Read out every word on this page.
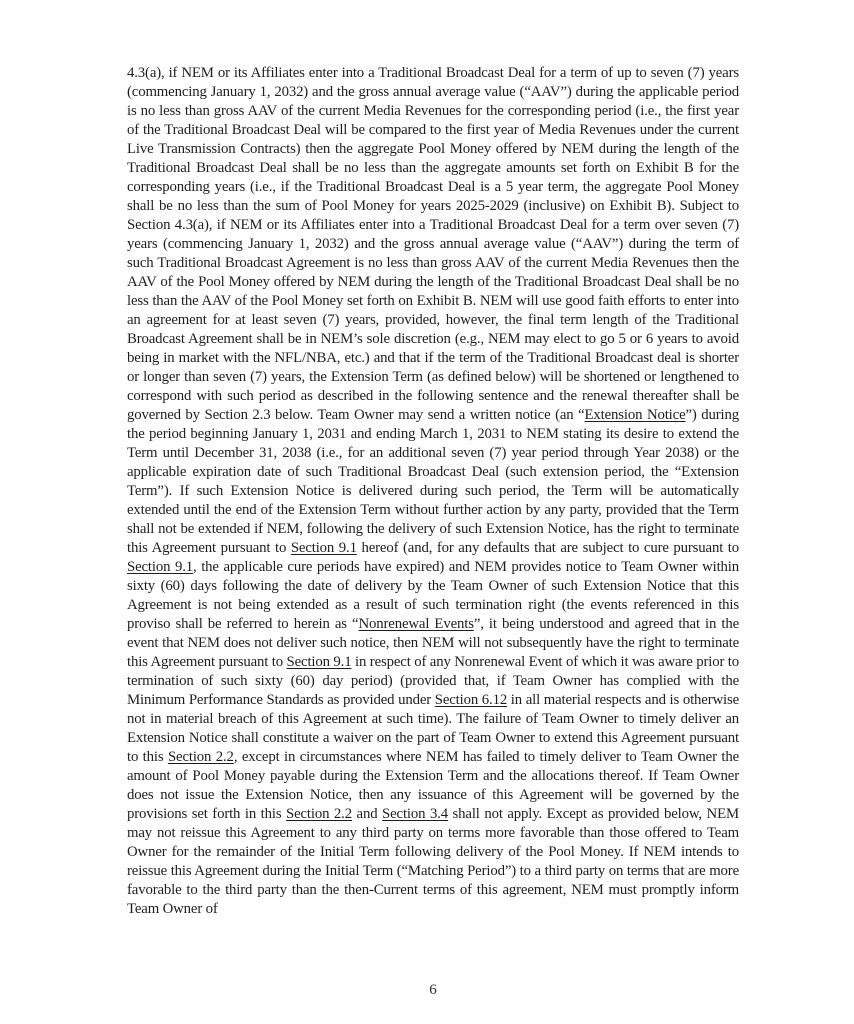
4.3(a), if NEM or its Affiliates enter into a Traditional Broadcast Deal for a term of up to seven (7) years (commencing January 1, 2032) and the gross annual average value (“AAV”) during the applicable period is no less than gross AAV of the current Media Revenues for the corresponding period (i.e., the first year of the Traditional Broadcast Deal will be compared to the first year of Media Revenues under the current Live Transmission Contracts) then the aggregate Pool Money offered by NEM during the length of the Traditional Broadcast Deal shall be no less than the aggregate amounts set forth on Exhibit B for the corresponding years (i.e., if the Traditional Broadcast Deal is a 5 year term, the aggregate Pool Money shall be no less than the sum of Pool Money for years 2025-2029 (inclusive) on Exhibit B). Subject to Section 4.3(a), if NEM or its Affiliates enter into a Traditional Broadcast Deal for a term over seven (7) years (commencing January 1, 2032) and the gross annual average value (“AAV”) during the term of such Traditional Broadcast Agreement is no less than gross AAV of the current Media Revenues then the AAV of the Pool Money offered by NEM during the length of the Traditional Broadcast Deal shall be no less than the AAV of the Pool Money set forth on Exhibit B. NEM will use good faith efforts to enter into an agreement for at least seven (7) years, provided, however, the final term length of the Traditional Broadcast Agreement shall be in NEM’s sole discretion (e.g., NEM may elect to go 5 or 6 years to avoid being in market with the NFL/NBA, etc.) and that if the term of the Traditional Broadcast deal is shorter or longer than seven (7) years, the Extension Term (as defined below) will be shortened or lengthened to correspond with such period as described in the following sentence and the renewal thereafter shall be governed by Section 2.3 below. Team Owner may send a written notice (an “Extension Notice”) during the period beginning January 1, 2031 and ending March 1, 2031 to NEM stating its desire to extend the Term until December 31, 2038 (i.e., for an additional seven (7) year period through Year 2038) or the applicable expiration date of such Traditional Broadcast Deal (such extension period, the “Extension Term”). If such Extension Notice is delivered during such period, the Term will be automatically extended until the end of the Extension Term without further action by any party, provided that the Term shall not be extended if NEM, following the delivery of such Extension Notice, has the right to terminate this Agreement pursuant to Section 9.1 hereof (and, for any defaults that are subject to cure pursuant to Section 9.1, the applicable cure periods have expired) and NEM provides notice to Team Owner within sixty (60) days following the date of delivery by the Team Owner of such Extension Notice that this Agreement is not being extended as a result of such termination right (the events referenced in this proviso shall be referred to herein as “Nonrenewal Events”, it being understood and agreed that in the event that NEM does not deliver such notice, then NEM will not subsequently have the right to terminate this Agreement pursuant to Section 9.1 in respect of any Nonrenewal Event of which it was aware prior to termination of such sixty (60) day period) (provided that, if Team Owner has complied with the Minimum Performance Standards as provided under Section 6.12 in all material respects and is otherwise not in material breach of this Agreement at such time). The failure of Team Owner to timely deliver an Extension Notice shall constitute a waiver on the part of Team Owner to extend this Agreement pursuant to this Section 2.2, except in circumstances where NEM has failed to timely deliver to Team Owner the amount of Pool Money payable during the Extension Term and the allocations thereof. If Team Owner does not issue the Extension Notice, then any issuance of this Agreement will be governed by the provisions set forth in this Section 2.2 and Section 3.4 shall not apply. Except as provided below, NEM may not reissue this Agreement to any third party on terms more favorable than those offered to Team Owner for the remainder of the Initial Term following delivery of the Pool Money. If NEM intends to reissue this Agreement during the Initial Term (“Matching Period”) to a third party on terms that are more favorable to the third party than the then-Current terms of this agreement, NEM must promptly inform Team Owner of

6
